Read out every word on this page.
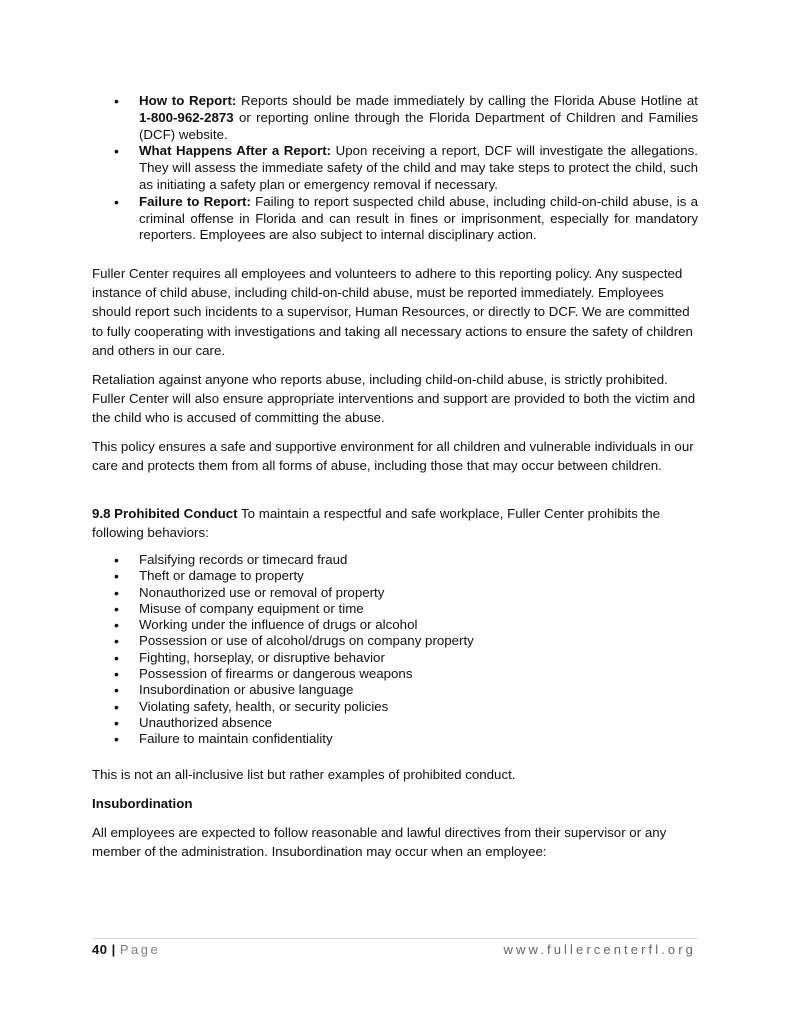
• How to Report: Reports should be made immediately by calling the Florida Abuse Hotline at 1-800-962-2873 or reporting online through the Florida Department of Children and Families (DCF) website.
• What Happens After a Report: Upon receiving a report, DCF will investigate the allegations. They will assess the immediate safety of the child and may take steps to protect the child, such as initiating a safety plan or emergency removal if necessary.
• Failure to Report: Failing to report suspected child abuse, including child-on-child abuse, is a criminal offense in Florida and can result in fines or imprisonment, especially for mandatory reporters. Employees are also subject to internal disciplinary action.

Fuller Center requires all employees and volunteers to adhere to this reporting policy. Any suspected instance of child abuse, including child-on-child abuse, must be reported immediately. Employees should report such incidents to a supervisor, Human Resources, or directly to DCF. We are committed to fully cooperating with investigations and taking all necessary actions to ensure the safety of children and others in our care.

Retaliation against anyone who reports abuse, including child-on-child abuse, is strictly prohibited. Fuller Center will also ensure appropriate interventions and support are provided to both the victim and the child who is accused of committing the abuse.

This policy ensures a safe and supportive environment for all children and vulnerable individuals in our care and protects them from all forms of abuse, including those that may occur between children.

9.8 Prohibited Conduct To maintain a respectful and safe workplace, Fuller Center prohibits the following behaviors:

• Falsifying records or timecard fraud
• Theft or damage to property
• Nonauthorized use or removal of property
• Misuse of company equipment or time
• Working under the influence of drugs or alcohol
• Possession or use of alcohol/drugs on company property
• Fighting, horseplay, or disruptive behavior
• Possession of firearms or dangerous weapons
• Insubordination or abusive language
• Violating safety, health, or security policies
• Unauthorized absence
• Failure to maintain confidentiality

This is not an all-inclusive list but rather examples of prohibited conduct.

Insubordination

All employees are expected to follow reasonable and lawful directives from their supervisor or any member of the administration. Insubordination may occur when an employee:

40 | Page	www.fullercenterfl.org
